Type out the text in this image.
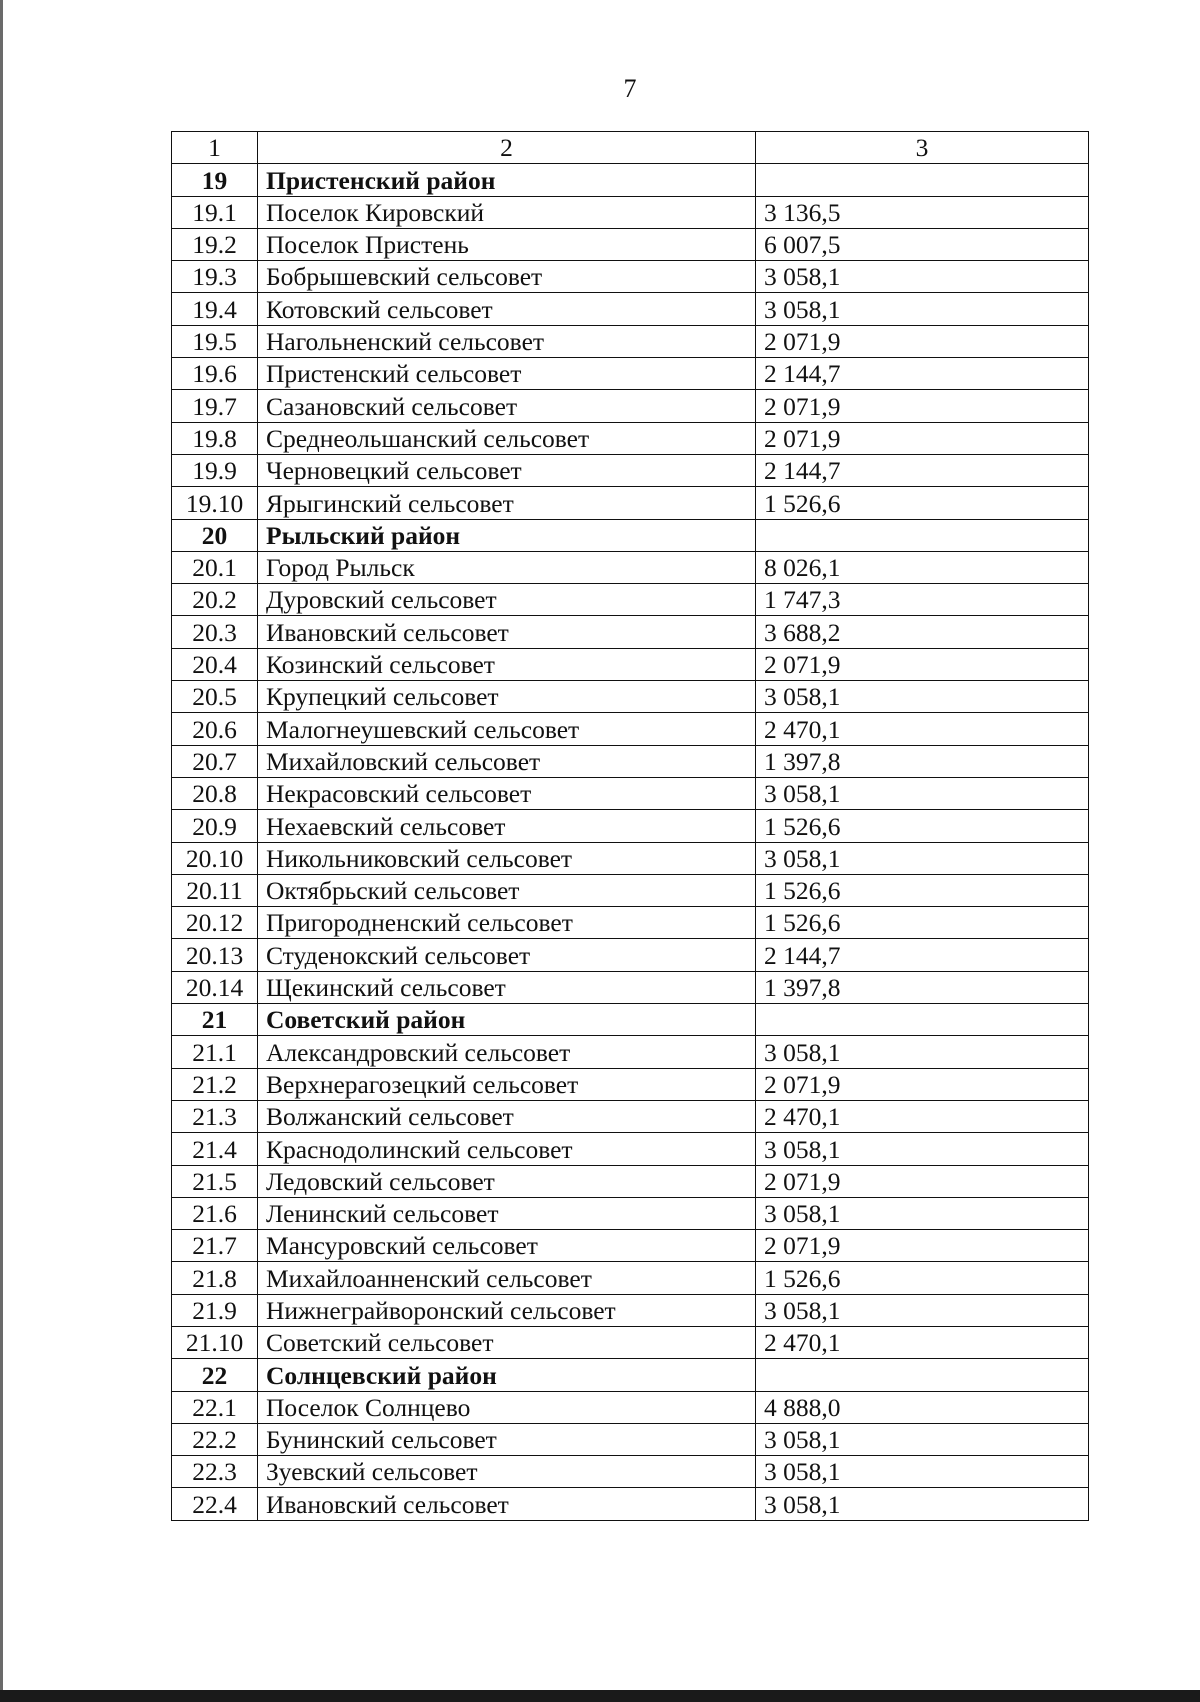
7
1	2	3
19	Пристенский район	
19.1	Поселок Кировский	3 136,5
19.2	Поселок Пристень	6 007,5
19.3	Бобрышевский сельсовет	3 058,1
19.4	Котовский сельсовет	3 058,1
19.5	Нагольненский сельсовет	2 071,9
19.6	Пристенский сельсовет	2 144,7
19.7	Сазановский сельсовет	2 071,9
19.8	Среднеольшанский сельсовет	2 071,9
19.9	Черновецкий сельсовет	2 144,7
19.10	Ярыгинский сельсовет	1 526,6
20	Рыльский район	
20.1	Город Рыльск	8 026,1
20.2	Дуровский сельсовет	1 747,3
20.3	Ивановский сельсовет	3 688,2
20.4	Козинский сельсовет	2 071,9
20.5	Крупецкий сельсовет	3 058,1
20.6	Малогнеушевский сельсовет	2 470,1
20.7	Михайловский сельсовет	1 397,8
20.8	Некрасовский сельсовет	3 058,1
20.9	Нехаевский сельсовет	1 526,6
20.10	Никольниковский сельсовет	3 058,1
20.11	Октябрьский сельсовет	1 526,6
20.12	Пригородненский сельсовет	1 526,6
20.13	Студенокский сельсовет	2 144,7
20.14	Щекинский сельсовет	1 397,8
21	Советский район	
21.1	Александровский сельсовет	3 058,1
21.2	Верхнерагозецкий сельсовет	2 071,9
21.3	Волжанский сельсовет	2 470,1
21.4	Краснодолинский сельсовет	3 058,1
21.5	Ледовский сельсовет	2 071,9
21.6	Ленинский сельсовет	3 058,1
21.7	Мансуровский сельсовет	2 071,9
21.8	Михайлоанненский сельсовет	1 526,6
21.9	Нижнеграйворонский сельсовет	3 058,1
21.10	Советский сельсовет	2 470,1
22	Солнцевский район	
22.1	Поселок Солнцево	4 888,0
22.2	Бунинский сельсовет	3 058,1
22.3	Зуевский сельсовет	3 058,1
22.4	Ивановский сельсовет	3 058,1
